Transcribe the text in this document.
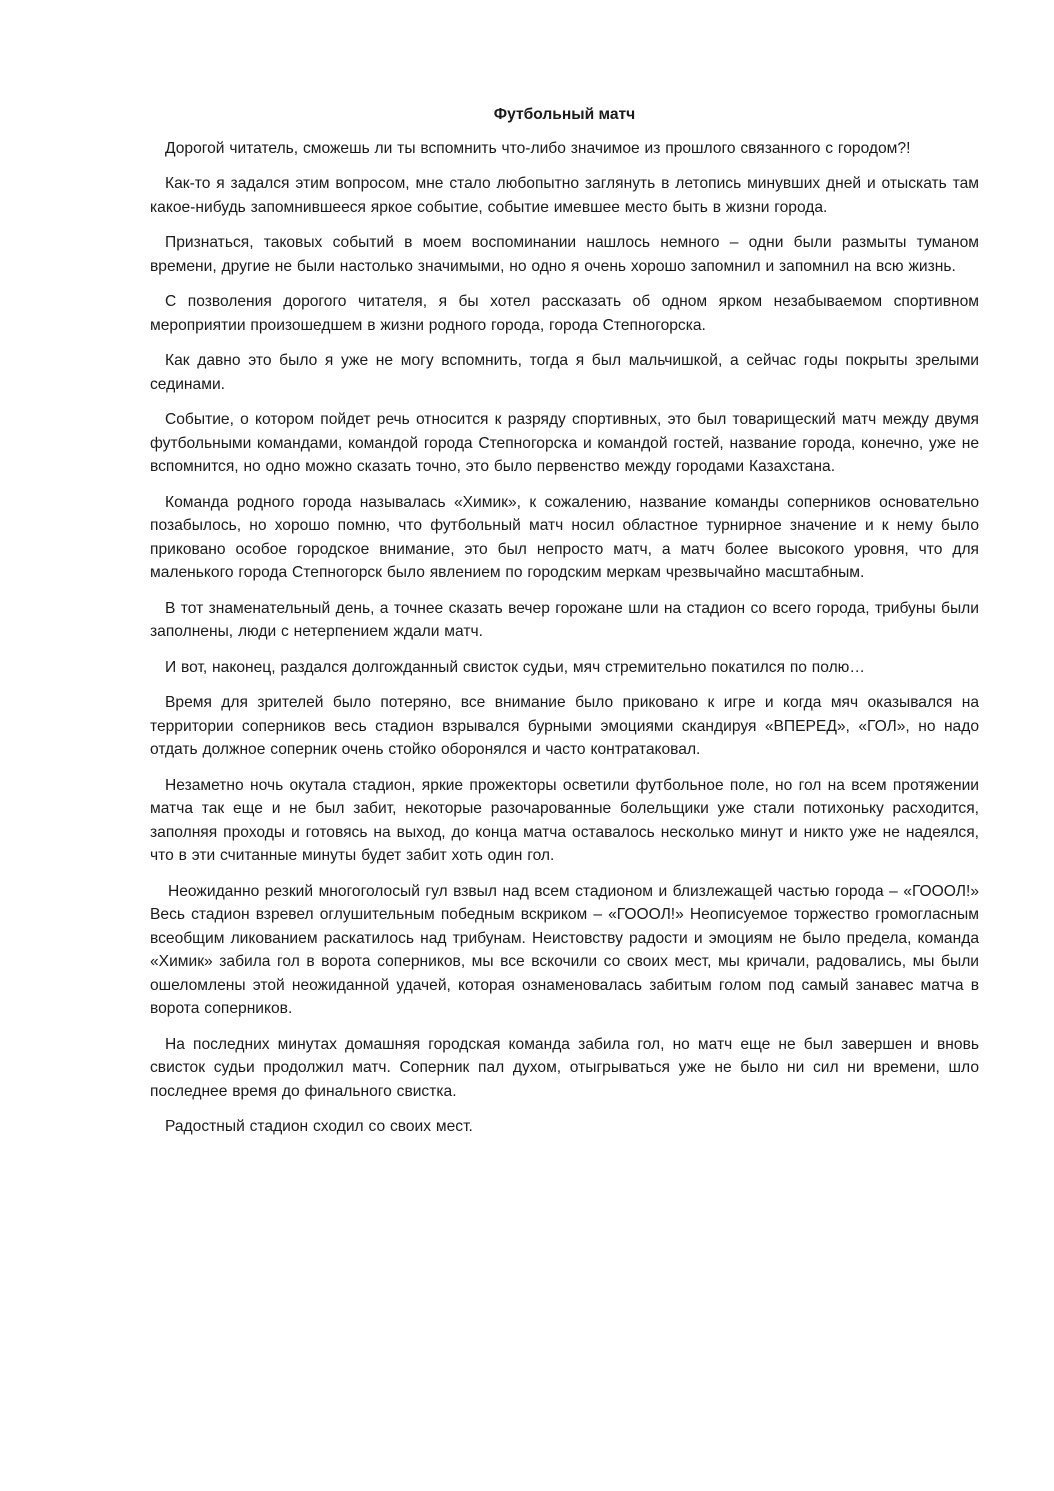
Футбольный матч

Дорогой читатель, сможешь ли ты вспомнить что-либо значимое из прошлого связанного с городом?!

Как-то я задался этим вопросом, мне стало любопытно заглянуть в летопись минувших дней и отыскать там какое-нибудь запомнившееся яркое событие, событие имевшее место быть в жизни города.

Признаться, таковых событий в моем воспоминании нашлось немного – одни были размыты туманом времени, другие не были настолько значимыми, но одно я очень хорошо запомнил и запомнил на всю жизнь.

С позволения дорогого читателя, я бы хотел рассказать об одном ярком незабываемом спортивном мероприятии произошедшем в жизни родного города, города Степногорска.

Как давно это было я уже не могу вспомнить, тогда я был мальчишкой, а сейчас годы покрыты зрелыми сединами.

Событие, о котором пойдет речь относится к разряду спортивных, это был товарищеский матч между двумя футбольными командами, командой города Степногорска и командой гостей, название города, конечно, уже не вспомнится, но одно можно сказать точно, это было первенство между городами Казахстана.

Команда родного города называлась «Химик», к сожалению, название команды соперников основательно позабылось, но хорошо помню, что футбольный матч носил областное турнирное значение и к нему было приковано особое городское внимание, это был непросто матч, а матч более высокого уровня, что для маленького города Степногорск было явлением по городским меркам чрезвычайно масштабным.

В тот знаменательный день, а точнее сказать вечер горожане шли на стадион со всего города, трибуны были заполнены, люди с нетерпением ждали матч.

И вот, наконец, раздался долгожданный свисток судьи, мяч стремительно покатился по полю…

Время для зрителей было потеряно, все внимание было приковано к игре и когда мяч оказывался на территории соперников весь стадион взрывался бурными эмоциями скандируя «ВПЕРЕД», «ГОЛ», но надо отдать должное соперник очень стойко оборонялся и часто контратаковал.

Незаметно ночь окутала стадион, яркие прожекторы осветили футбольное поле, но гол на всем протяжении матча так еще и не был забит, некоторые разочарованные болельщики уже стали потихоньку расходится, заполняя проходы и готовясь на выход, до конца матча оставалось несколько минут и никто уже не надеялся, что в эти считанные минуты будет забит хоть один гол.

Неожиданно резкий многоголосый гул взвыл над всем стадионом и близлежащей частью города – «ГОООЛ!» Весь стадион взревел оглушительным победным вскриком – «ГОООЛ!» Неописуемое торжество громогласным всеобщим ликованием раскатилось над трибунам. Неистовству радости и эмоциям не было предела, команда «Химик» забила гол в ворота соперников, мы все вскочили со своих мест, мы кричали, радовались, мы были ошеломлены этой неожиданной удачей, которая ознаменовалась забитым голом под самый занавес матча в ворота соперников.

На последних минутах домашняя городская команда забила гол, но матч еще не был завершен и вновь свисток судьи продолжил матч. Соперник пал духом, отыгрываться уже не было ни сил ни времени, шло последнее время до финального свистка.

Радостный стадион сходил со своих мест.
